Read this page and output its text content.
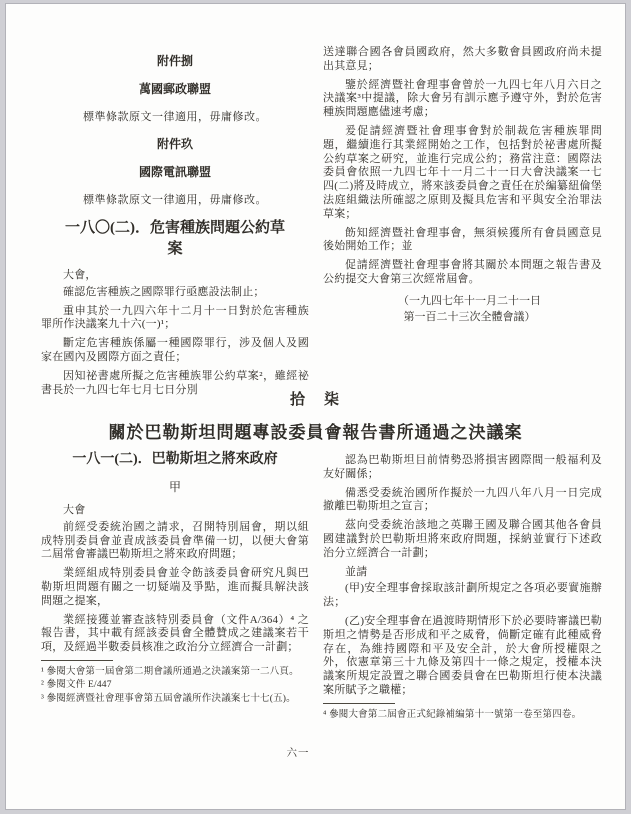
附件捌
萬國郵政聯盟
標準條款原文一律適用，毋庸修改。
附件玖
國際電訊聯盟
標準條款原文一律適用，毋庸修改。
一八〇(二)．危害種族問題公約草案

大會，

確認危害種族之國際罪行亟應設法制止；

重申其於一九四六年十二月十一日對於危害種族罪所作決議案九十六(一)¹；

斷定危害種族係屬一種國際罪行，涉及個人及國家在國內及國際方面之責任；

因知祕書處所擬之危害種族罪公約草案²，雖經祕書長於一九四七年七月七日分別

送達聯合國各會員國政府，然大多數會員國政府尚未提出其意見；

鑒於經濟暨社會理事會曾於一九四七年八月六日之決議案³中提議，除大會另有訓示應予遵守外，對於危害種族問題應儘速考慮；

爰促請經濟暨社會理事會對於制裁危害種族罪問題，繼續進行其業經開始之工作，包括對於祕書處所擬公約草案之研究，並進行完成公約；務當注意：國際法委員會依照一九四七年十一月二十一日大會決議案一七四(二)將及時成立，將來該委員會之責任在於編纂紐倫堡法庭組織法所確認之原則及擬具危害和平與安全治罪法草案；

飭知經濟暨社會理事會，無須候獲所有會員國意見後始開始工作；並

促請經濟暨社會理事會將其關於本問題之報告書及公約提交大會第三次經常屆會。

（一九四七年十一月二十一日
第一百二十三次全體會議）
拾　柒
關於巴勒斯坦問題專設委員會報告書所通過之決議案
一八一(二)．巴勒斯坦之將來政府
甲

大會

前經受委統治國之請求，召開特別屆會，期以組成特別委員會並責成該委員會準備一切，以便大會第二屆常會審議巴勒斯坦之將來政府問題；

業經組成特別委員會並令飭該委員會研究凡與巴勒斯坦問題有關之一切疑端及爭點，進而擬具解決該問題之提案，

業經接獲並審查該特別委員會（文件A/364）⁴ 之報告書，其中載有經該委員會全體贊成之建議案若干項，及經過半數委員核准之政治分立經濟合一計劃；

¹ 參閱大會第一屆會第二期會議所通過之決議案第一二八頁。

² 參閱文件 E/447

³ 參閱經濟暨社會理事會第五屆會議所作決議案七十七(五)。

認為巴勒斯坦目前情勢恐將損害國際間一般福利及友好關係；

備悉受委統治國所作擬於一九四八年八月一日完成撤離巴勒斯坦之宣言；

茲向受委統治該地之英聯王國及聯合國其他各會員國建議對於巴勒斯坦將來政府問題，採納並實行下述政治分立經濟合一計劃；

並請

(甲)安全理事會採取該計劃所規定之各項必要實施辦法；

(乙)安全理事會在過渡時期情形下於必要時審議巴勒斯坦之情勢是否形成和平之威脅，倘斷定確有此種威脅存在，為維持國際和平及安全計，於大會所授權限之外，依憲章第三十九條及第四十一條之規定，授權本決議案所規定設置之聯合國委員會在巴勒斯坦行使本決議案所賦予之職權；

⁴ 參閱大會第二屆會正式紀錄補編第十一號第一卷至第四卷。

六一
